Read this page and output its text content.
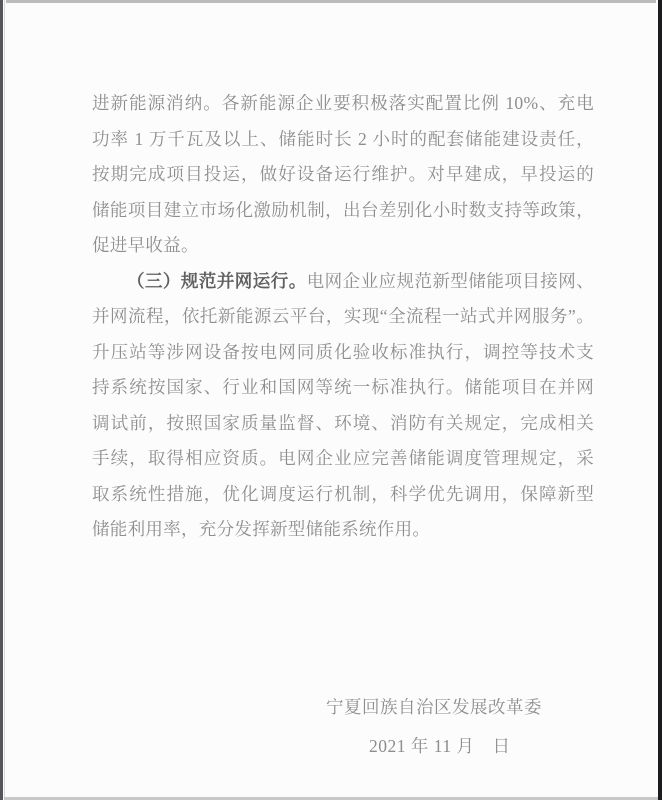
进新能源消纳。各新能源企业要积极落实配置比例 10%、充电
功率 1 万千瓦及以上、储能时长 2 小时的配套储能建设责任，
按期完成项目投运，做好设备运行维护。对早建成，早投运的
储能项目建立市场化激励机制，出台差别化小时数支持等政策，
促进早收益。
（三）规范并网运行。电网企业应规范新型储能项目接网、
并网流程，依托新能源云平台，实现“全流程一站式并网服务”。
升压站等涉网设备按电网同质化验收标准执行，调控等技术支
持系统按国家、行业和国网等统一标准执行。储能项目在并网
调试前，按照国家质量监督、环境、消防有关规定，完成相关
手续，取得相应资质。电网企业应完善储能调度管理规定，采
取系统性措施，优化调度运行机制，科学优先调用，保障新型
储能利用率，充分发挥新型储能系统作用。
宁夏回族自治区发展改革委
2021 年 11 月　日
